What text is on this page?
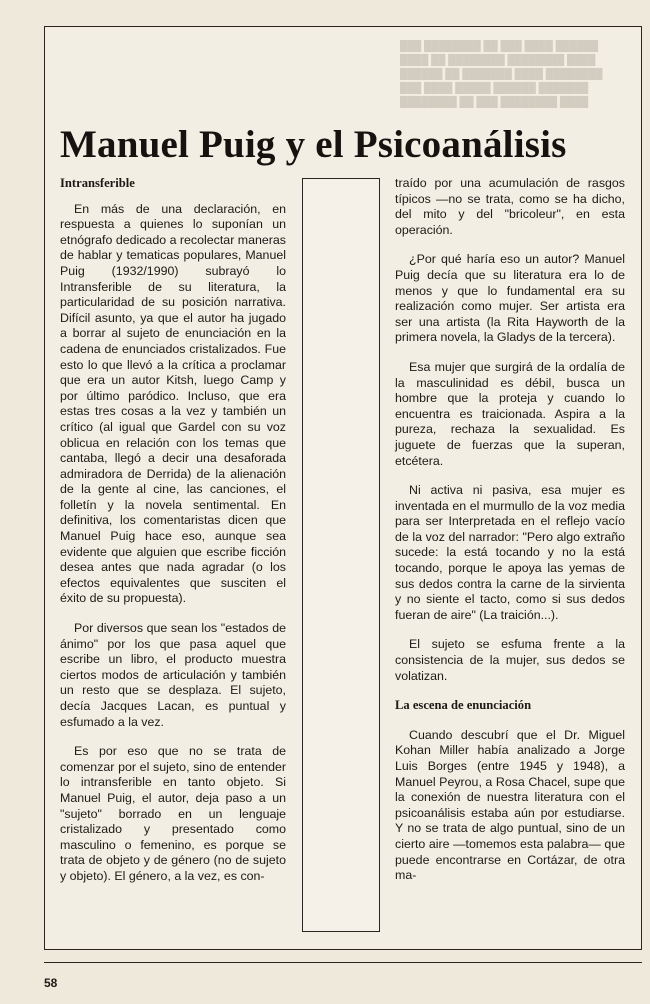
███ ████████ ██ ███ ████ ██████
████ ██ ████████ ████████ ████
██████ ██ ███████ ████ ████████
███ ████ █████ ██████ ███████
████████ ██ ███ ████████ ████
Manuel Puig y el Psicoanálisis
Intransferible

En más de una declaración, en respuesta a quienes lo suponían un etnógrafo dedicado a recolectar maneras de hablar y tematicas populares, Manuel Puig (1932/1990) subrayó lo Intransferible de su literatura, la particularidad de su posición narrativa. Difícil asunto, ya que el autor ha jugado a borrar al sujeto de enunciación en la cadena de enunciados cristalizados. Fue esto lo que llevó a la crítica a proclamar que era un autor Kitsh, luego Camp y por último paródico. Incluso, que era estas tres cosas a la vez y también un crítico (al igual que Gardel con su voz oblicua en relación con los temas que cantaba, llegó a decir una desaforada admiradora de Derrida) de la alienación de la gente al cine, las canciones, el folletín y la novela sentimental. En definitiva, los comentaristas dicen que Manuel Puig hace eso, aunque sea evidente que alguien que escribe ficción desea antes que nada agradar (o los efectos equivalentes que susciten el éxito de su propuesta).

Por diversos que sean los "estados de ánimo" por los que pasa aquel que escribe un libro, el producto muestra ciertos modos de articulación y también un resto que se desplaza. El sujeto, decía Jacques Lacan, es puntual y esfumado a la vez.

Es por eso que no se trata de comenzar por el sujeto, sino de entender lo intransferible en tanto objeto. Si Manuel Puig, el autor, deja paso a un "sujeto" borrado en un lenguaje cristalizado y presentado como masculino o femenino, es porque se trata de objeto y de género (no de sujeto y objeto). El género, a la vez, es con-

traído por una acumulación de rasgos típicos —no se trata, como se ha dicho, del mito y del "bricoleur", en esta operación.

¿Por qué haría eso un autor? Manuel Puig decía que su literatura era lo de menos y que lo fundamental era su realización como mujer. Ser artista era ser una artista (la Rita Hayworth de la primera novela, la Gladys de la tercera).

Esa mujer que surgirá de la ordalía de la masculinidad es débil, busca un hombre que la proteja y cuando lo encuentra es traicionada. Aspira a la pureza, rechaza la sexualidad. Es juguete de fuerzas que la superan, etcétera.

Ni activa ni pasiva, esa mujer es inventada en el murmullo de la voz media para ser Interpretada en el reflejo vacío de la voz del narrador: "Pero algo extraño sucede: la está tocando y no la está tocando, porque le apoya las yemas de sus dedos contra la carne de la sirvienta y no siente el tacto, como si sus dedos fueran de aire" (La traición...).

El sujeto se esfuma frente a la consistencia de la mujer, sus dedos se volatizan.

La escena de enunciación

Cuando descubrí que el Dr. Miguel Kohan Miller había analizado a Jorge Luis Borges (entre 1945 y 1948), a Manuel Peyrou, a Rosa Chacel, supe que la conexión de nuestra literatura con el psicoanálisis estaba aún por estudiarse. Y no se trata de algo puntual, sino de un cierto aire —tomemos esta palabra— que puede encontrarse en Cortázar, de otra ma-

58
